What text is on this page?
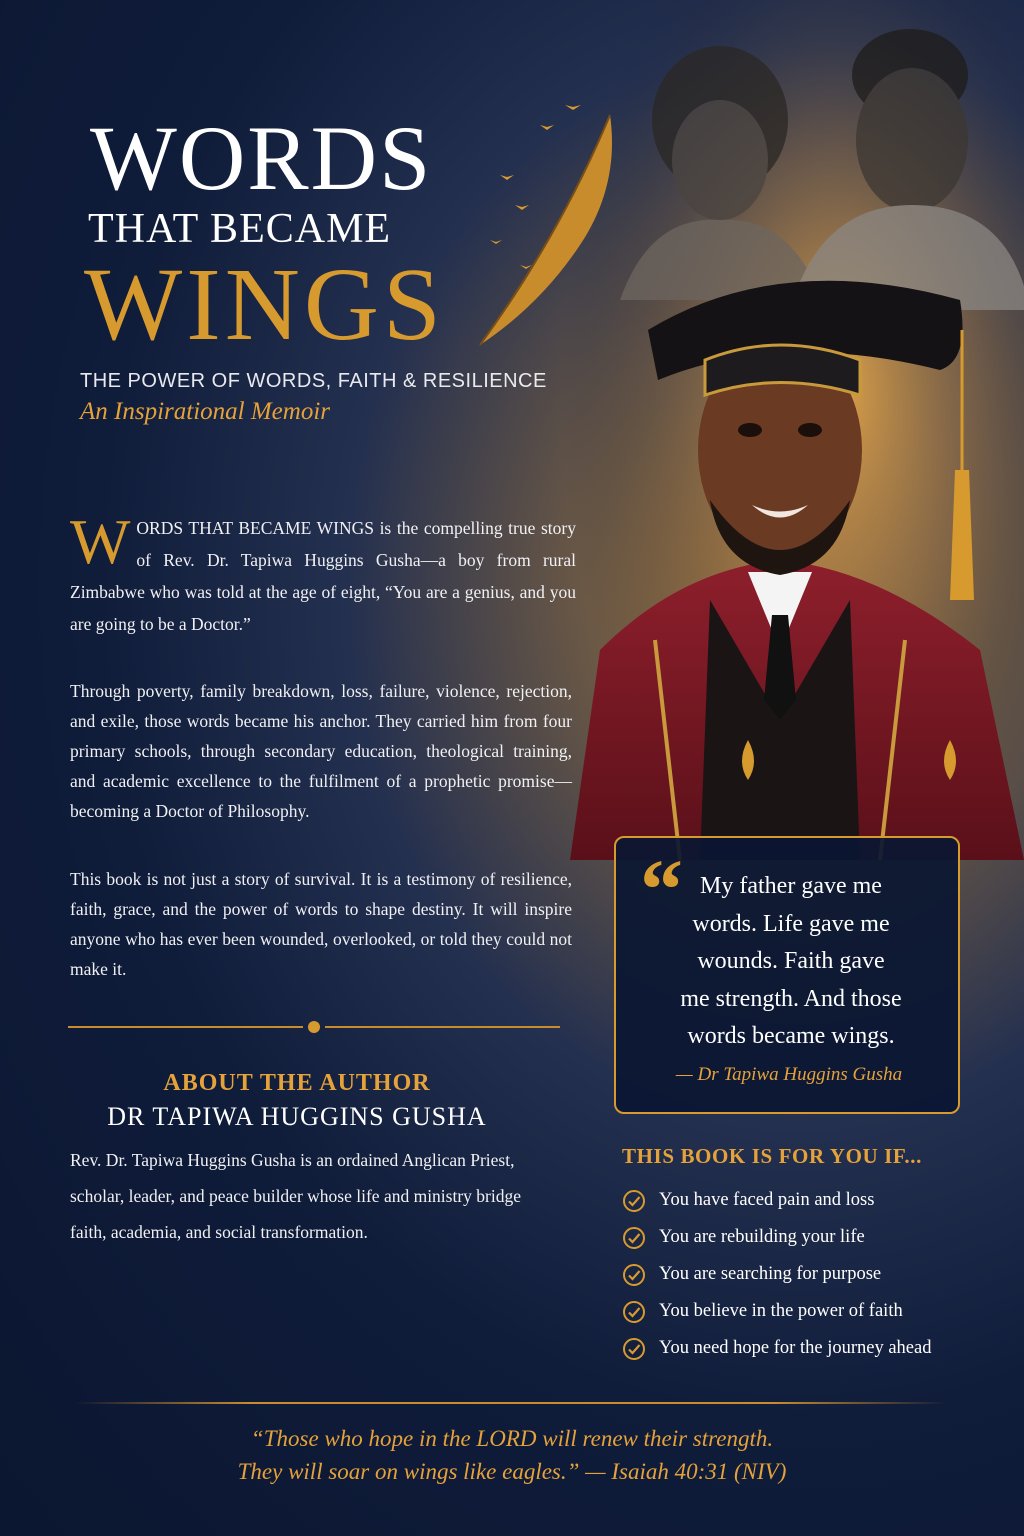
WORDS
THAT BECAME
WINGS
THE POWER OF WORDS, FAITH & RESILIENCE
An Inspirational Memoir
WORDS THAT BECAME WINGS is the compelling true story of Rev. Dr. Tapiwa Huggins Gusha—a boy from rural Zimbabwe who was told at the age of eight, “You are a genius, and you are going to be a Doctor.”
Through poverty, family breakdown, loss, failure, violence, rejection, and exile, those words became his anchor. They carried him from four primary schools, through secondary education, theological training, and academic excellence to the fulfilment of a prophetic promise—becoming a Doctor of Philosophy.
This book is not just a story of survival. It is a testimony of resilience, faith, grace, and the power of words to shape destiny. It will inspire anyone who has ever been wounded, overlooked, or told they could not make it.
ABOUT THE AUTHOR
DR TAPIWA HUGGINS GUSHA
Rev. Dr. Tapiwa Huggins Gusha is an ordained Anglican Priest, scholar, leader, and peace builder whose life and ministry bridge faith, academia, and social transformation.
“ My father gave me
words. Life gave me
wounds. Faith gave
me strength. And those
words became wings.
— Dr Tapiwa Huggins Gusha
THIS BOOK IS FOR YOU IF...
You have faced pain and loss
You are rebuilding your life
You are searching for purpose
You believe in the power of faith
You need hope for the journey ahead
“Those who hope in the LORD will renew their strength.
They will soar on wings like eagles.” — Isaiah 40:31 (NIV)
